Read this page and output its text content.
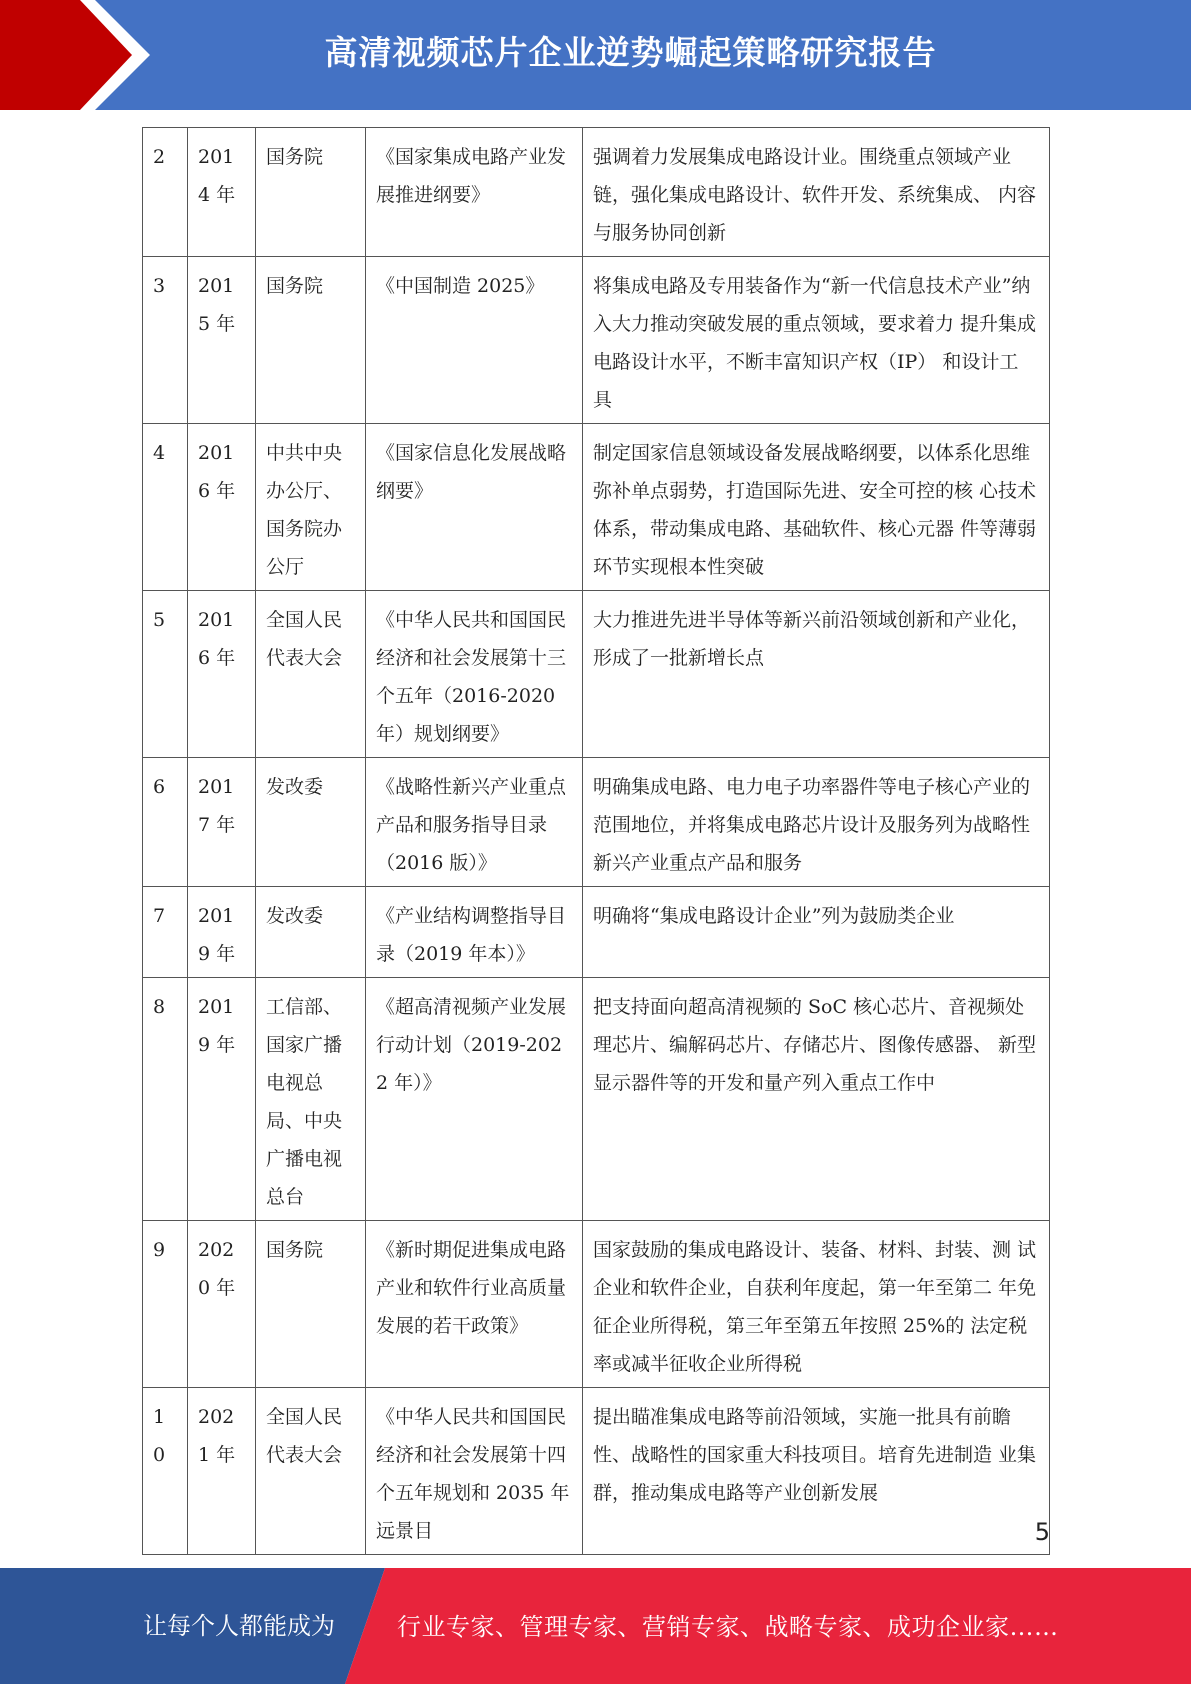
高清视频芯片企业逆势崛起策略研究报告
2	2014 年	国务院	《国家集成电路产业发展推进纲要》	强调着力发展集成电路设计业。围绕重点领域产业链，强化集成电路设计、软件开发、系统集成、 内容与服务协同创新
3	2015 年	国务院	《中国制造 2025》	将集成电路及专用装备作为“新一代信息技术产业”纳入大力推动突破发展的重点领域，要求着力 提升集成电路设计水平，不断丰富知识产权（IP） 和设计工具
4	2016 年	中共中央办公厅、国务院办公厅	《国家信息化发展战略纲要》	制定国家信息领域设备发展战略纲要，以体系化思维弥补单点弱势，打造国际先进、安全可控的核 心技术体系，带动集成电路、基础软件、核心元器 件等薄弱环节实现根本性突破
5	2016 年	全国人民代表大会	《中华人民共和国国民经济和社会发展第十三个五年（2016-2020 年）规划纲要》	大力推进先进半导体等新兴前沿领域创新和产业化，形成了一批新增长点
6	2017 年	发改委	《战略性新兴产业重点产品和服务指导目录（2016 版）》	明确集成电路、电力电子功率器件等电子核心产业的范围地位，并将集成电路芯片设计及服务列为战略性新兴产业重点产品和服务
7	2019 年	发改委	《产业结构调整指导目录（2019 年本）》	明确将“集成电路设计企业”列为鼓励类企业
8	2019 年	工信部、国家广播电视总局、中央广播电视总台	《超高清视频产业发展行动计划（2019-2022 年）》	把支持面向超高清视频的 SoC 核心芯片、音视频处理芯片、编解码芯片、存储芯片、图像传感器、 新型显示器件等的开发和量产列入重点工作中
9	2020 年	国务院	《新时期促进集成电路产业和软件行业高质量发展的若干政策》	国家鼓励的集成电路设计、装备、材料、封装、测 试企业和软件企业，自获利年度起，第一年至第二 年免征企业所得税，第三年至第五年按照 25%的 法定税率或减半征收企业所得税
10	2021 年	全国人民代表大会	《中华人民共和国国民经济和社会发展第十四个五年规划和 2035 年远景目	提出瞄准集成电路等前沿领域，实施一批具有前瞻性、战略性的国家重大科技项目。培育先进制造 业集群，推动集成电路等产业创新发展
5
让每个人都能成为	行业专家、管理专家、营销专家、战略专家、成功企业家……
